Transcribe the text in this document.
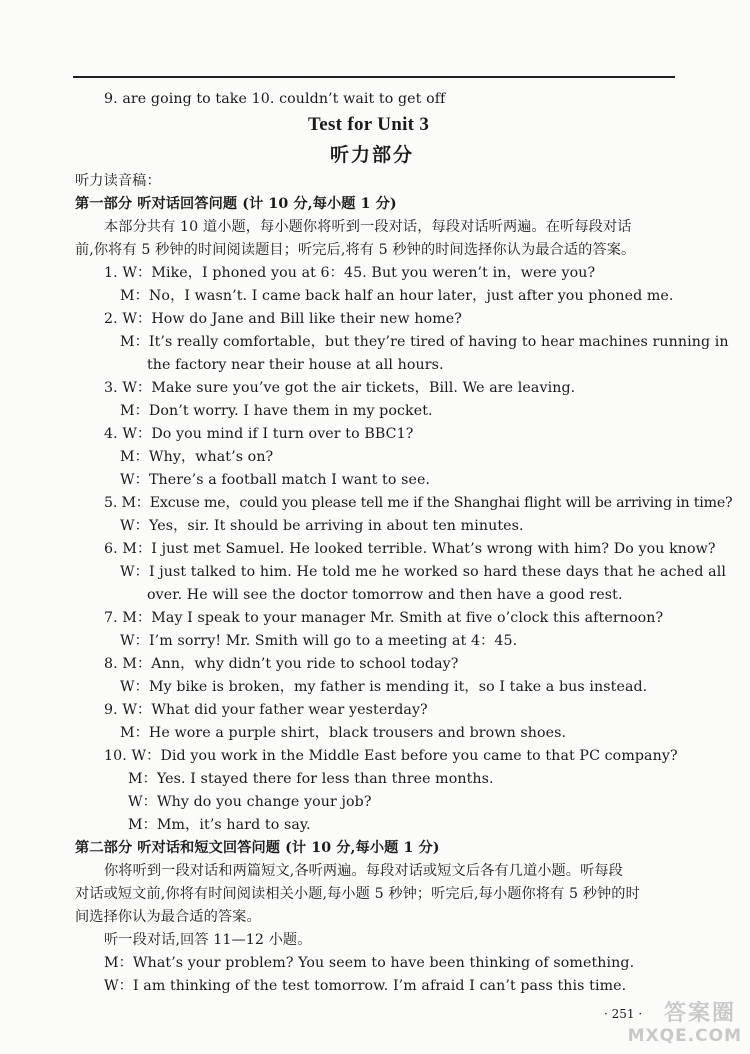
9. are going to take 10. couldn’t wait to get off
Test for Unit 3
听力部分
听力读音稿：
第一部分 听对话回答问题 (计 10 分,每小题 1 分)
本部分共有 10 道小题，每小题你将听到一段对话，每段对话听两遍。在听每段对话
前,你将有 5 秒钟的时间阅读题目；听完后,将有 5 秒钟的时间选择你认为最合适的答案。
1. W：Mike，I phoned you at 6：45. But you weren’t in，were you?
M：No，I wasn’t. I came back half an hour later，just after you phoned me.
2. W：How do Jane and Bill like their new home?
M：It’s really comfortable，but they’re tired of having to hear machines running in
the factory near their house at all hours.
3. W：Make sure you’ve got the air tickets，Bill. We are leaving.
M：Don’t worry. I have them in my pocket.
4. W：Do you mind if I turn over to BBC1?
M：Why，what’s on?
W：There’s a football match I want to see.
5. M：Excuse me，could you please tell me if the Shanghai flight will be arriving in time?
W：Yes，sir. It should be arriving in about ten minutes.
6. M：I just met Samuel. He looked terrible. What’s wrong with him? Do you know?
W：I just talked to him. He told me he worked so hard these days that he ached all
over. He will see the doctor tomorrow and then have a good rest.
7. M：May I speak to your manager Mr. Smith at five o’clock this afternoon?
W：I’m sorry! Mr. Smith will go to a meeting at 4：45.
8. M：Ann，why didn’t you ride to school today?
W：My bike is broken，my father is mending it，so I take a bus instead.
9. W：What did your father wear yesterday?
M：He wore a purple shirt，black trousers and brown shoes.
10. W：Did you work in the Middle East before you came to that PC company?
M：Yes. I stayed there for less than three months.
W：Why do you change your job?
M：Mm，it’s hard to say.
第二部分 听对话和短文回答问题 (计 10 分,每小题 1 分)
你将听到一段对话和两篇短文,各听两遍。每段对话或短文后各有几道小题。听每段
对话或短文前,你将有时间阅读相关小题,每小题 5 秒钟；听完后,每小题你将有 5 秒钟的时
间选择你认为最合适的答案。
听一段对话,回答 11—12 小题。
M：What’s your problem? You seem to have been thinking of something.
W：I am thinking of the test tomorrow. I’m afraid I can’t pass this time.
· 251 · 答案圈
MXQE.COM
